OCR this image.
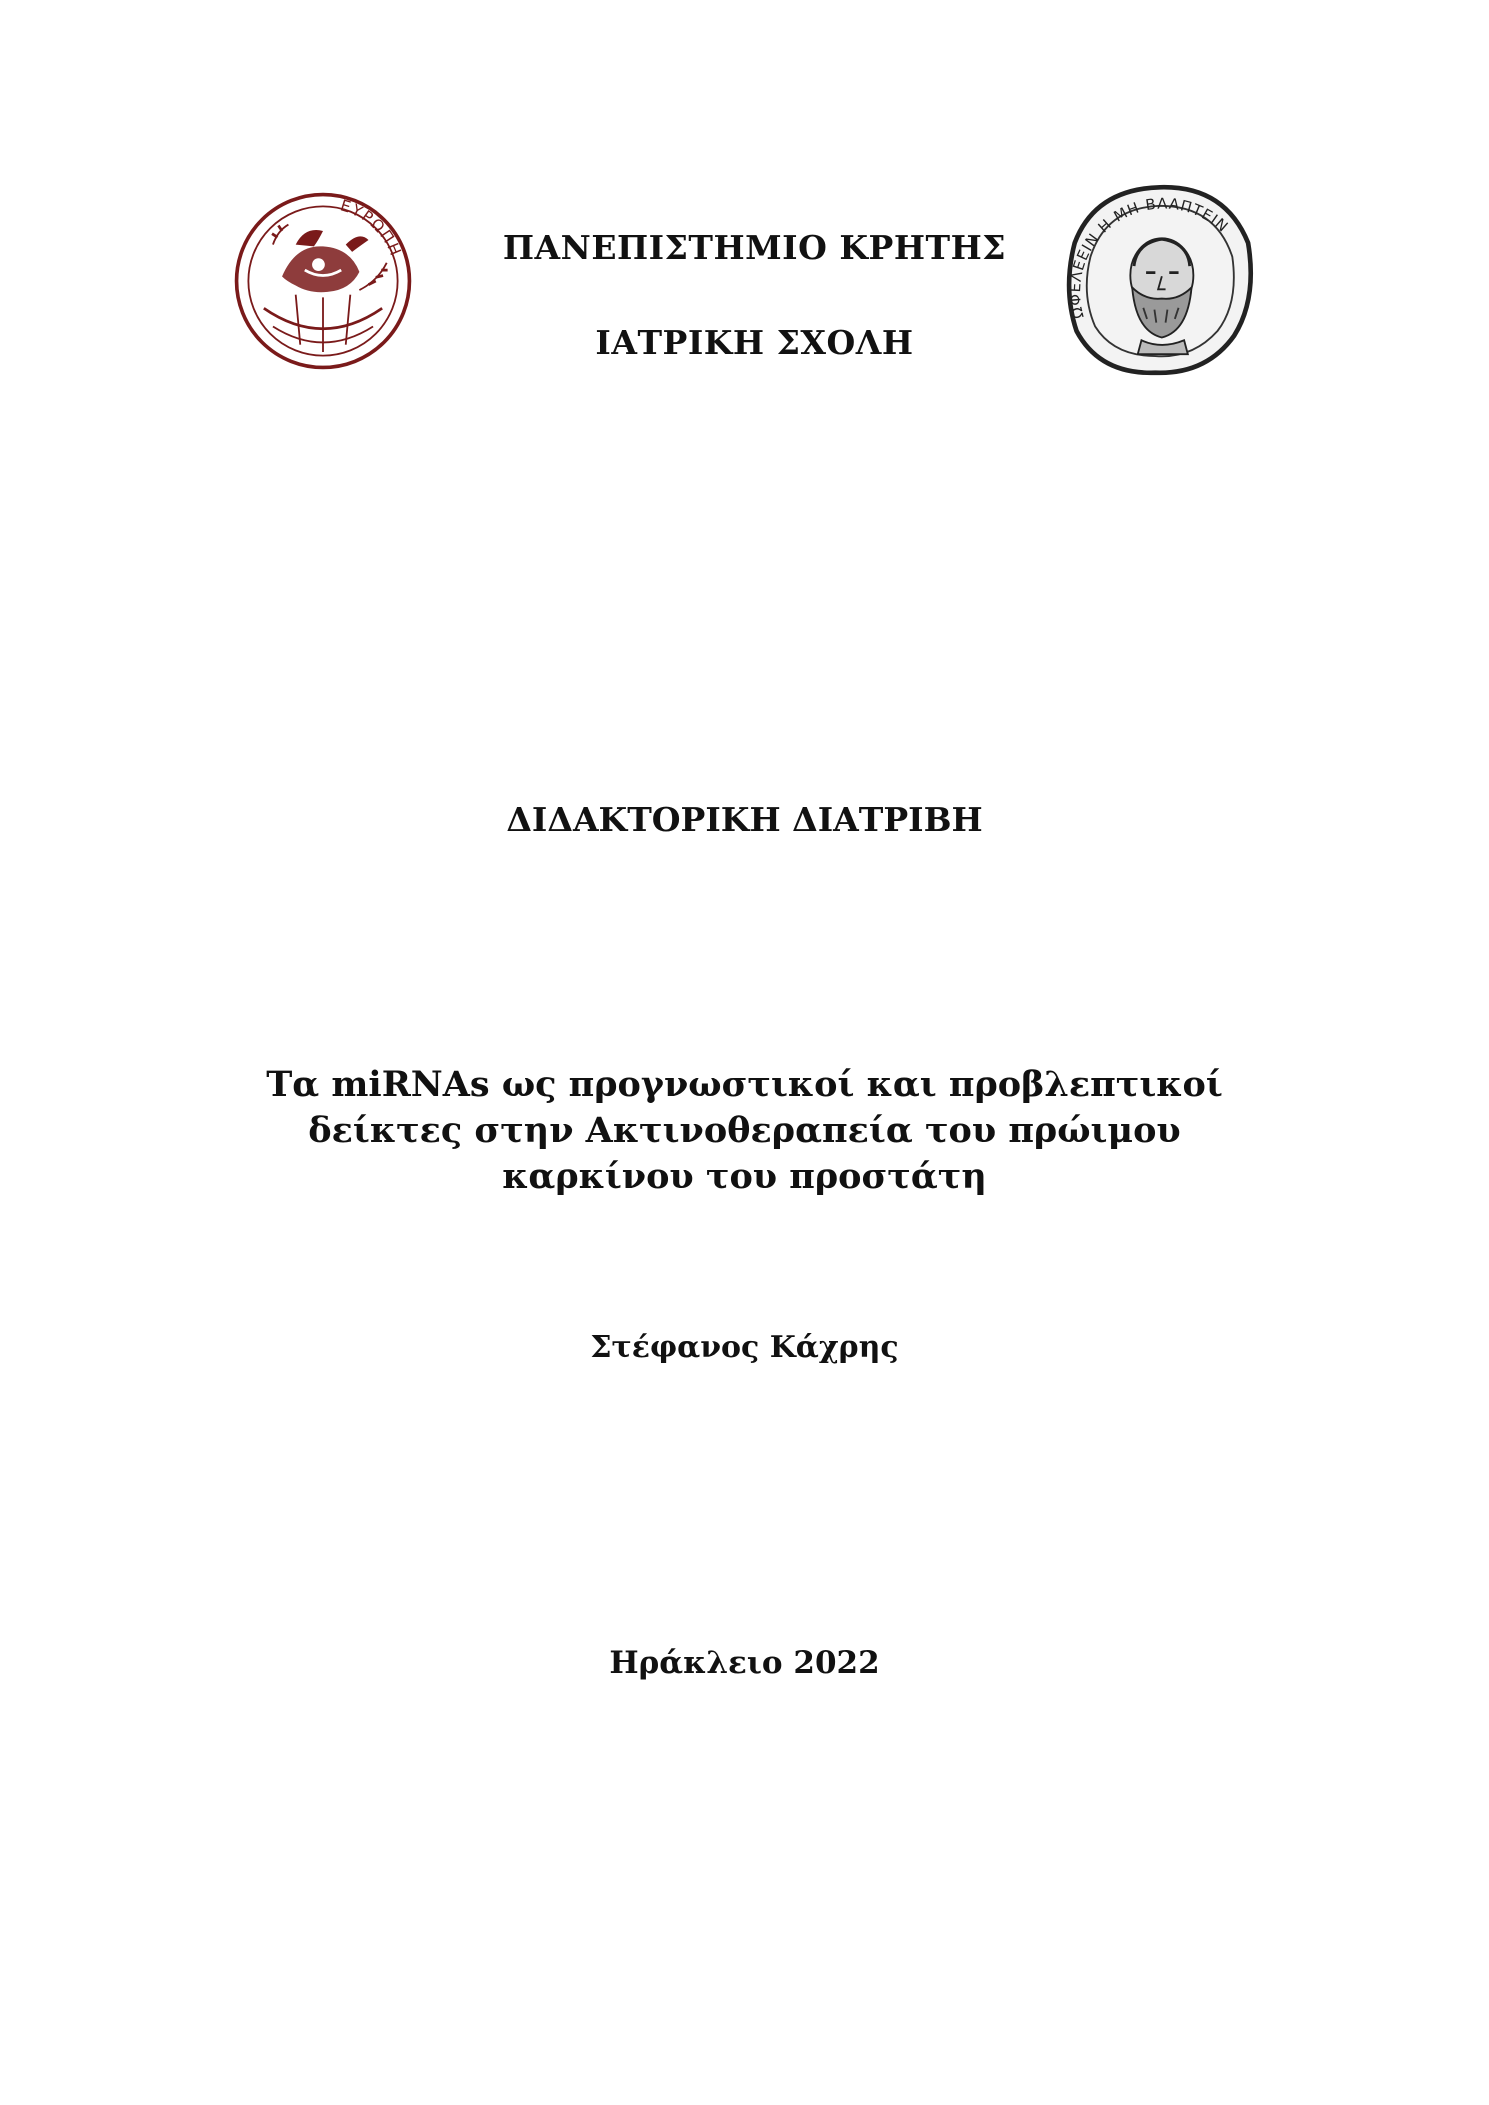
ΕΥΡΩΠΗ	ΠΑΝΕΠΙΣΤΗΜΙΟ ΚΡΗΤΗΣ
ΙΑΤΡΙΚΗ ΣΧΟΛΗ
ΩΦΕΛΕΕΙΝ Η ΜΗ ΒΛΑΠΤΕΙΝ
ΔΙΔΑΚΤΟΡΙΚΗ ΔΙΑΤΡΙΒΗ
Τα miRNAs ως προγνωστικοί και προβλεπτικοί
δείκτες στην Ακτινοθεραπεία του πρώιμου
καρκίνου του προστάτη
Στέφανος Κάχρης
Ηράκλειο 2022
